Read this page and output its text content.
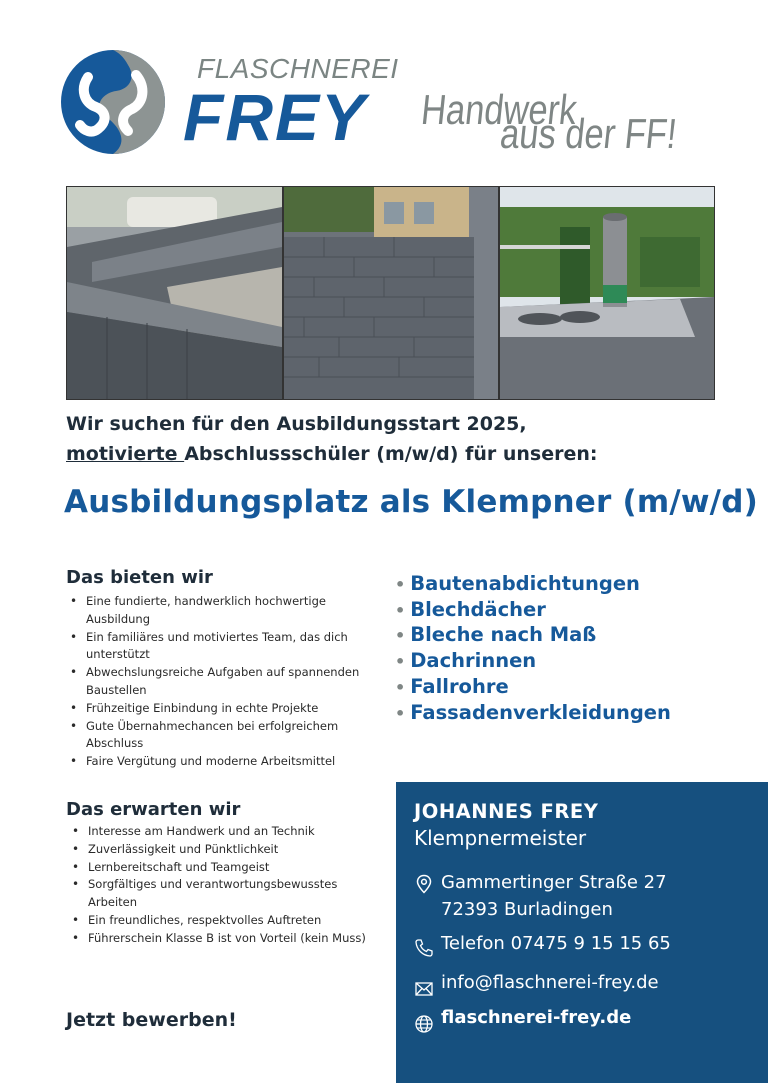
FLASCHNEREI
FREY Handwerk
aus der FF!
Wir suchen für den Ausbildungsstart 2025,
motivierte Abschlussschüler (m/w/d) für unseren:
Ausbildungsplatz als Klempner (m/w/d)
Das bieten wir
• Eine fundierte, handwerklich hochwertige Ausbildung
• Ein familiäres und motiviertes Team, das dich unterstützt
• Abwechslungsreiche Aufgaben auf spannenden Baustellen
• Frühzeitige Einbindung in echte Projekte
• Gute Übernahmechancen bei erfolgreichem Abschluss
• Faire Vergütung und moderne Arbeitsmittel
• Bautenabdichtungen
• Blechdächer
• Bleche nach Maß
• Dachrinnen
• Fallrohre
• Fassadenverkleidungen
Das erwarten wir
• Interesse am Handwerk und an Technik
• Zuverlässigkeit und Pünktlichkeit
• Lernbereitschaft und Teamgeist
• Sorgfältiges und verantwortungsbewusstes Arbeiten
• Ein freundliches, respektvolles Auftreten
• Führerschein Klasse B ist von Vorteil (kein Muss)
Jetzt bewerben!
JOHANNES FREY
Klempnermeister
Gammertinger Straße 27
72393 Burladingen
Telefon 07475 9 15 15 65
info@flaschnerei-frey.de
flaschnerei-frey.de
